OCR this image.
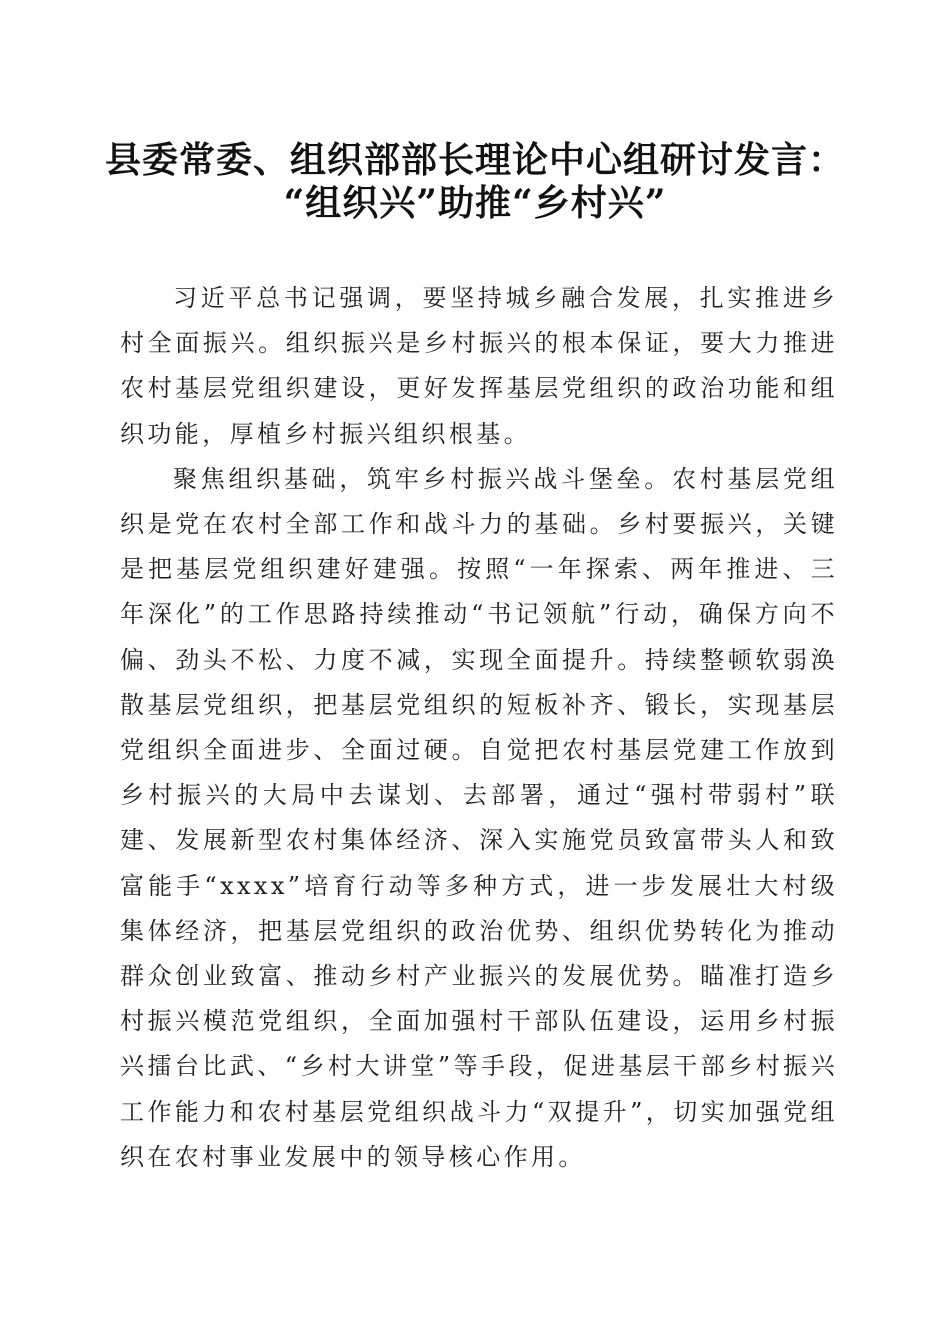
县委常委、组织部部长理论中心组研讨发言：
“组织兴”助推“乡村兴”

习近平总书记强调，要坚持城乡融合发展，扎实推进乡村全面振兴。组织振兴是乡村振兴的根本保证，要大力推进农村基层党组织建设，更好发挥基层党组织的政治功能和组织功能，厚植乡村振兴组织根基。

聚焦组织基础，筑牢乡村振兴战斗堡垒。农村基层党组织是党在农村全部工作和战斗力的基础。乡村要振兴，关键是把基层党组织建好建强。按照“一年探索、两年推进、三年深化”的工作思路持续推动“书记领航”行动，确保方向不偏、劲头不松、力度不减，实现全面提升。持续整顿软弱涣散基层党组织，把基层党组织的短板补齐、锻长，实现基层党组织全面进步、全面过硬。自觉把农村基层党建工作放到乡村振兴的大局中去谋划、去部署，通过“强村带弱村”联建、发展新型农村集体经济、深入实施党员致富带头人和致富能手“xxxx”培育行动等多种方式，进一步发展壮大村级集体经济，把基层党组织的政治优势、组织优势转化为推动群众创业致富、推动乡村产业振兴的发展优势。瞄准打造乡村振兴模范党组织，全面加强村干部队伍建设，运用乡村振兴擂台比武、“乡村大讲堂”等手段，促进基层干部乡村振兴工作能力和农村基层党组织战斗力“双提升”，切实加强党组织在农村事业发展中的领导核心作用。
